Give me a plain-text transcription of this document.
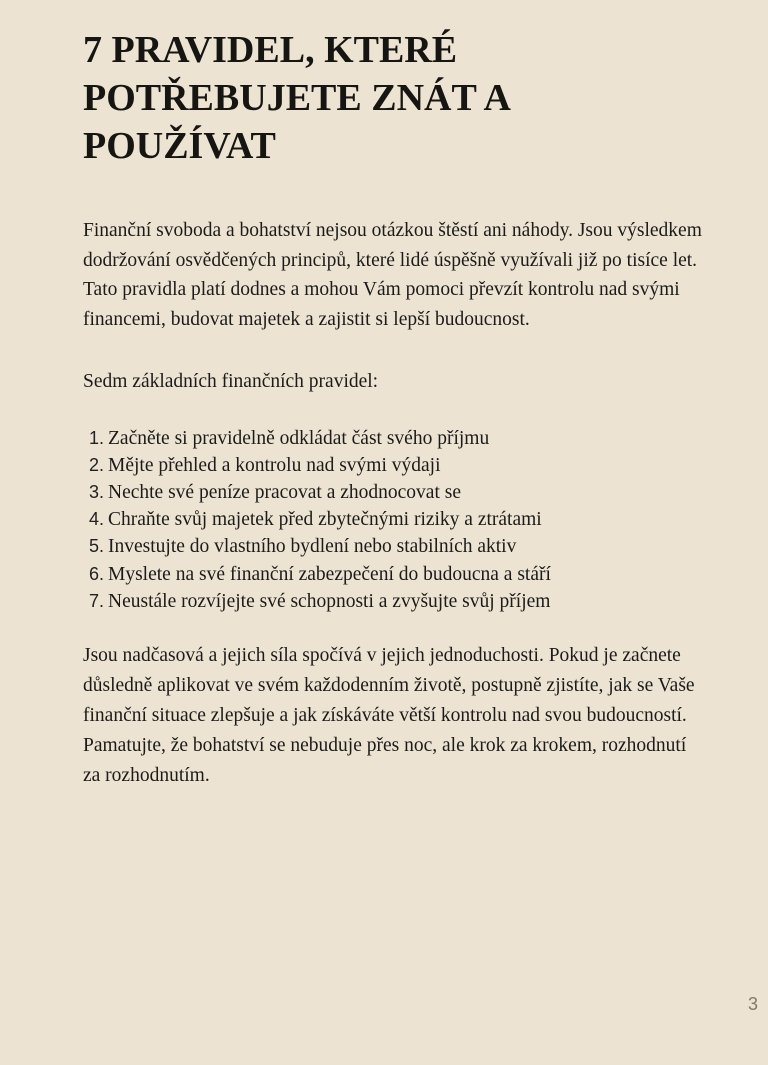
7 PRAVIDEL, KTERÉ POTŘEBUJETE ZNÁT A POUŽÍVAT

Finanční svoboda a bohatství nejsou otázkou štěstí ani náhody. Jsou výsledkem dodržování osvědčených principů, které lidé úspěšně využívali již po tisíce let. Tato pravidla platí dodnes a mohou Vám pomoci převzít kontrolu nad svými financemi, budovat majetek a zajistit si lepší budoucnost.

Sedm základních finančních pravidel:

1. Začněte si pravidelně odkládat část svého příjmu
2. Mějte přehled a kontrolu nad svými výdaji
3. Nechte své peníze pracovat a zhodnocovat se
4. Chraňte svůj majetek před zbytečnými riziky a ztrátami
5. Investujte do vlastního bydlení nebo stabilních aktiv
6. Myslete na své finanční zabezpečení do budoucna a stáří
7. Neustále rozvíjejte své schopnosti a zvyšujte svůj příjem

Jsou nadčasová a jejich síla spočívá v jejich jednoduchosti. Pokud je začnete důsledně aplikovat ve svém každodenním životě, postupně zjistíte, jak se Vaše finanční situace zlepšuje a jak získáváte větší kontrolu nad svou budoucností. Pamatujte, že bohatství se nebuduje přes noc, ale krok za krokem, rozhodnutí za rozhodnutím.

3
